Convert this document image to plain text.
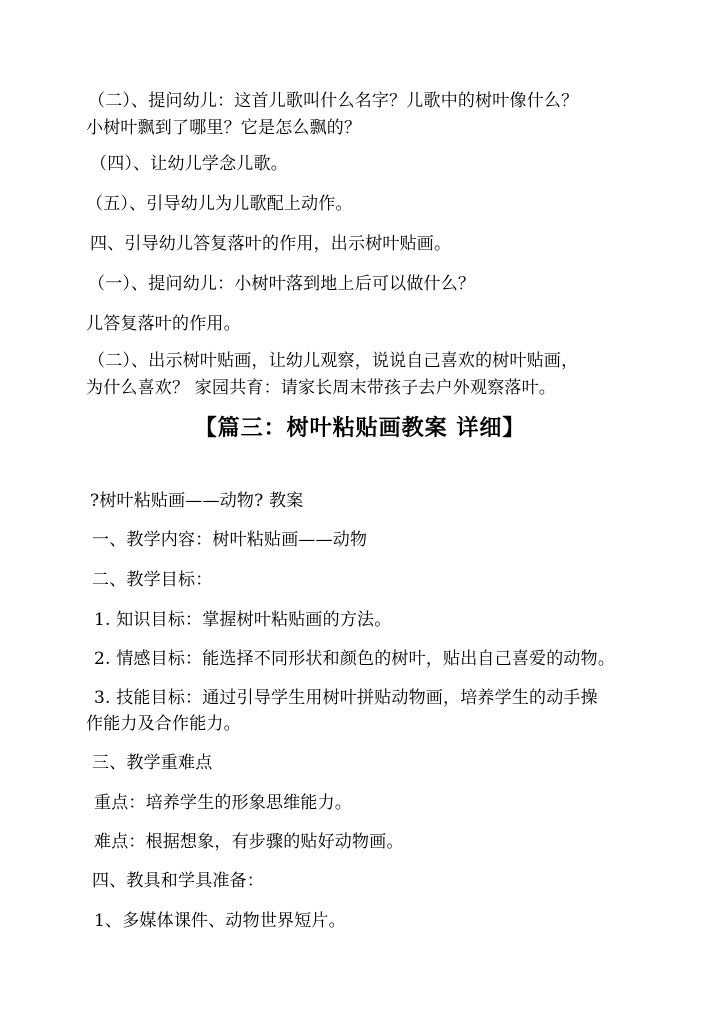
（二）、提问幼儿：这首儿歌叫什么名字？儿歌中的树叶像什么？
小树叶飘到了哪里？它是怎么飘的？
（四）、让幼儿学念儿歌。
（五）、引导幼儿为儿歌配上动作。
四、引导幼儿答复落叶的作用，出示树叶贴画。
（一）、提问幼儿：小树叶落到地上后可以做什么？
儿答复落叶的作用。
（二）、出示树叶贴画，让幼儿观察，说说自己喜欢的树叶贴画，
为什么喜欢？ 家园共育：请家长周末带孩子去户外观察落叶。
【篇三：树叶粘贴画教案 详细】
?树叶粘贴画——动物? 教案
一、教学内容：树叶粘贴画——动物
二、教学目标：
1. 知识目标：掌握树叶粘贴画的方法。
2. 情感目标：能选择不同形状和颜色的树叶，贴出自己喜爱的动物。
3. 技能目标：通过引导学生用树叶拼贴动物画，培养学生的动手操
作能力及合作能力。
三、教学重难点
重点：培养学生的形象思维能力。
难点：根据想象，有步骤的贴好动物画。
四、教具和学具准备：
1、多媒体课件、动物世界短片。
